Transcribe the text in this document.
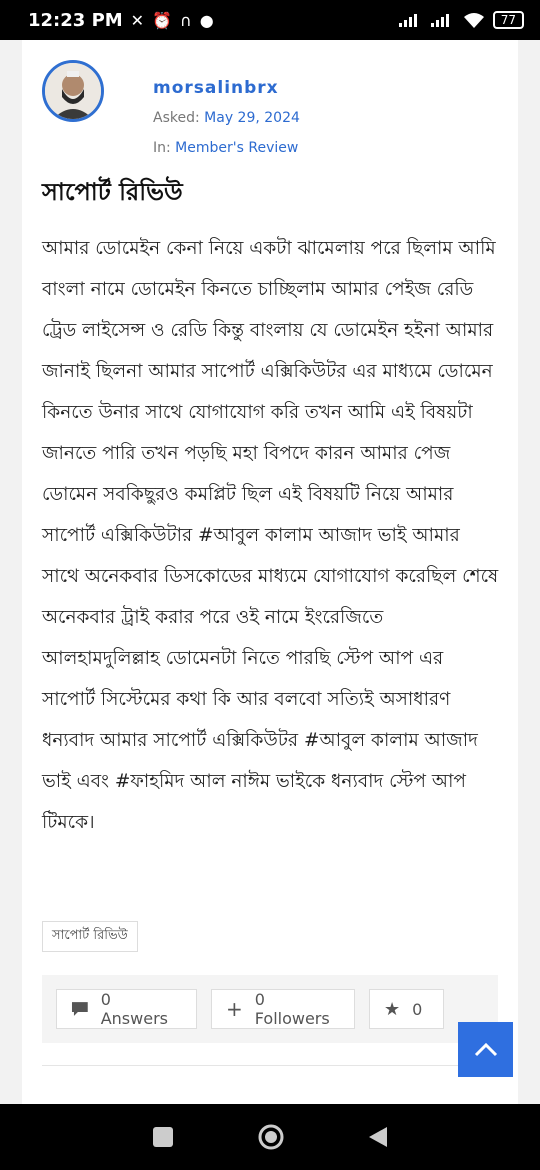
12:23 PM ✕ ⏰ ∩ ●	77
morsalinbrx
Asked: May 29, 2024
In: Member's Review
সাপোর্ট রিভিউ

আমার ডোমেইন কেনা নিয়ে একটা ঝামেলায় পরে ছিলাম আমি বাংলা নামে ডোমেইন কিনতে চাচ্ছিলাম আমার পেইজ রেডি ট্রেড লাইসেন্স ও রেডি কিন্তু বাংলায় যে ডোমেইন হইনা আমার জানাই ছিলনা আমার সাপোর্ট এক্সিকিউটর এর মাধ্যমে ডোমেন কিনতে উনার সাথে যোগাযোগ করি তখন আমি এই বিষয়টা জানতে পারি তখন পড়ছি মহা বিপদে কারন আমার পেজ ডোমেন সবকিছুরও কমপ্লিট ছিল এই বিষয়টি নিয়ে আমার সাপোর্ট এক্সিকিউটার #আবুল কালাম আজাদ ভাই আমার সাথে অনেকবার ডিসকোডের মাধ্যমে যোগাযোগ করেছিল শেষে অনেকবার ট্রাই করার পরে ওই নামে ইংরেজিতে আলহামদুলিল্লাহ ডোমেনটা নিতে পারছি স্টেপ আপ এর সাপোর্ট সিস্টেমের কথা কি আর বলবো সত্যিই অসাধারণ ধন্যবাদ আমার সাপোর্ট এক্সিকিউটর #আবুল কালাম আজাদ ভাই এবং #ফাহমিদ আল নাঈম ভাইকে ধন্যবাদ স্টেপ আপ টিমকে।

সাপোর্ট রিভিউ
0 Answers	+ 0 Followers	★ 0
